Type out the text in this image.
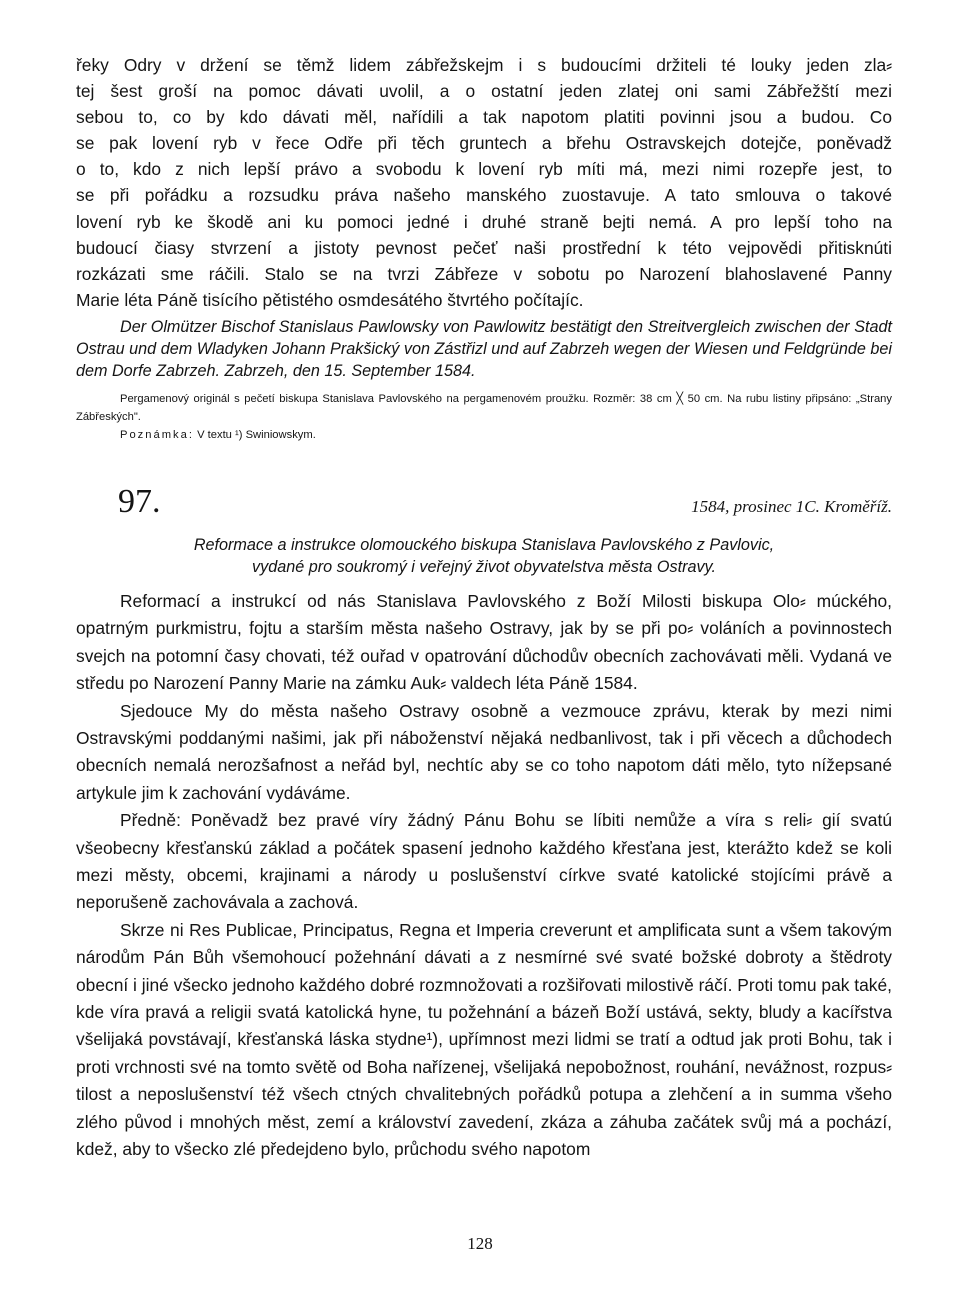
řeky Odry v držení se těmž lidem zábřežskejm i s budoucími držiteli té louky jeden zla⸗
tej šest groší na pomoc dávati uvolil, a o ostatní jeden zlatej oni sami Zábřežští mezi
sebou to, co by kdo dávati měl, nařídili a tak napotom platiti povinni jsou a budou. Co
se pak lovení ryb v řece Odře při těch gruntech a břehu Ostravskejch dotejče, poněvadž
o to, kdo z nich lepší právo a svobodu k lovení ryb míti má, mezi nimi rozepře jest, to
se při pořádku a rozsudku práva našeho manského zuostavuje. A tato smlouva o takové
lovení ryb ke škodě ani ku pomoci jedné i druhé straně bejti nemá. A pro lepší toho na
budoucí čiasy stvrzení a jistoty pevnost pečeť naši prostřední k této vejpovědi přitisknúti
rozkázati sme ráčili. Stalo se na tvrzi Zábřeze v sobotu po Narození blahoslavené Panny
Marie léta Páně tisícího pětistého osmdesátého štvrtého počítajíc.
Der Olmützer Bischof Stanislaus Pawlowsky von Pawlowitz bestätigt den Streitvergleich zwischen der Stadt Ostrau und dem Wladyken Johann Prakšický von Zástřizl und auf Zabrzeh wegen der Wiesen und Feldgründe bei dem Dorfe Zabrzeh. Zabrzeh, den 15. September 1584.

Pergamenový originál s pečetí biskupa Stanislava Pavlovského na pergamenovém proužku. Rozměr: 38 cm ╳ 50 cm. Na rubu listiny připsáno: „Strany Zábřeských".

Poznámka: V textu ¹) Swiniowskym.

97.	1584, prosinec 1C. Kroměříž.
Reformace a instrukce olomouckého biskupa Stanislava Pavlovského z Pavlovic,
vydané pro soukromý i veřejný život obyvatelstva města Ostravy.

Reformací a instrukcí od nás Stanislava Pavlovského z Boží Milosti biskupa Olo⸗ múckého, opatrným purkmistru, fojtu a starším města našeho Ostravy, jak by se při po⸗ voláních a povinnostech svejch na potomní časy chovati, též ouřad v opatrování důchodův obecních zachovávati měli. Vydaná ve středu po Narození Panny Marie na zámku Auk⸗ valdech léta Páně 1584.

Sjedouce My do města našeho Ostravy osobně a vezmouce zprávu, kterak by mezi nimi Ostravskými poddanými našimi, jak při náboženství nějaká nedbanlivost, tak i při věcech a důchodech obecních nemalá nerozšafnost a neřád byl, nechtíc aby se co toho napotom dáti mělo, tyto nížepsané artykule jim k zachování vydáváme.

Předně: Poněvadž bez pravé víry žádný Pánu Bohu se líbiti nemůže a víra s reli⸗ gií svatú všeobecny křesťanskú základ a počátek spasení jednoho každého křesťana jest, kterážto kdež se koli mezi městy, obcemi, krajinami a národy u poslušenství církve svaté katolické stojícími právě a neporušeně zachovávala a zachová.

Skrze ni Res Publicae, Principatus, Regna et Imperia creverunt et amplificata sunt a všem takovým národům Pán Bůh všemohoucí požehnání dávati a z nesmírné své svaté božské dobroty a štědroty obecní i jiné všecko jednoho každého dobré rozmnožovati a rozšiřovati milostivě ráčí. Proti tomu pak také, kde víra pravá a religii svatá katolická hyne, tu požehnání a bázeň Boží ustává, sekty, bludy a kacířstva všelijaká povstávají, křesťanská láska stydne¹), upřímnost mezi lidmi se tratí a odtud jak proti Bohu, tak i proti vrchnosti své na tomto světě od Boha nařízenej, všelijaká nepobožnost, rouhání, nevážnost, rozpus⸗ tilost a neposlušenství též všech ctných chvalitebných pořádků potupa a zlehčení a in summa všeho zlého původ i mnohých měst, zemí a království zavedení, zkáza a záhuba začátek svůj má a pochází, kdež, aby to všecko zlé předejdeno bylo, průchodu svého napotom

128
